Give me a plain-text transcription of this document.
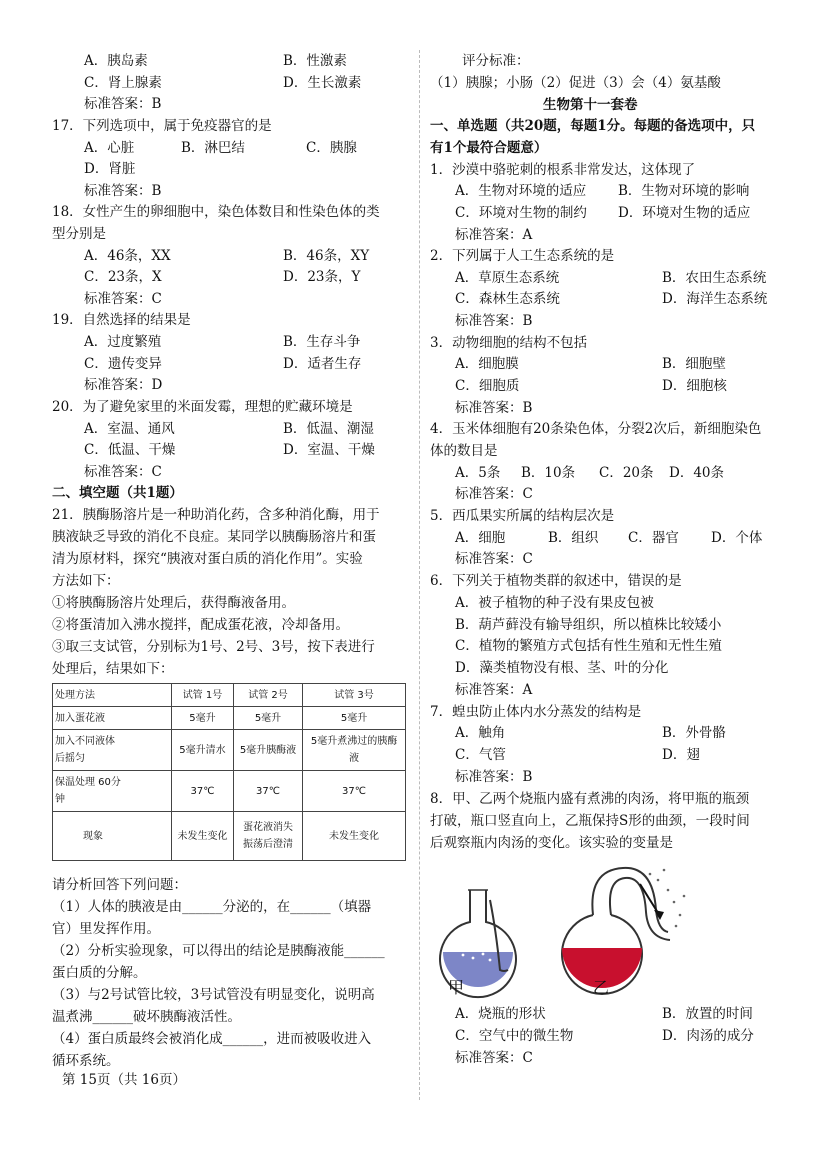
A．胰岛素	B．性激素
C．肾上腺素	D．生长激素
标准答案：B
17．下列选项中，属于免疫器官的是
A．心脏	B．淋巴结	C．胰腺
D．肾脏
标准答案：B
18．女性产生的卵细胞中，染色体数目和性染色体的类
型分别是
A．46条，XX	B．46条，XY
C．23条，X	D．23条，Y
标准答案：C
19．自然选择的结果是
A．过度繁殖	B．生存斗争
C．遗传变异	D．适者生存
标准答案：D
20．为了避免家里的米面发霉，理想的贮藏环境是
A．室温、通风	B．低温、潮湿
C．低温、干燥	D．室温、干燥
标准答案：C
二、填空题（共1题）
21．胰酶肠溶片是一种助消化药，含多种消化酶，用于
胰液缺乏导致的消化不良症。某同学以胰酶肠溶片和蛋
清为原材料，探究“胰液对蛋白质的消化作用”。实验
方法如下：
①将胰酶肠溶片处理后，获得酶液备用。
②将蛋清加入沸水搅拌，配成蛋花液，冷却备用。
③取三支试管，分别标为1号、2号、3号，按下表进行
处理后，结果如下：
处理方法	试管 1号	试管 2号	试管 3号
加入蛋花液	5毫升	5毫升	5毫升
加入不同液体
后摇匀	5毫升清水	5毫升胰酶液	5毫升煮沸过的胰酶
液
保温处理 60分
钟	37℃	37℃	37℃
现象	未发生变化	蛋花液消失
振荡后澄清	未发生变化
请分析回答下列问题：
（1）人体的胰液是由______分泌的，在______（填器
官）里发挥作用。
（2）分析实验现象，可以得出的结论是胰酶液能______
蛋白质的分解。
（3）与2号试管比较，3号试管没有明显变化，说明高
温煮沸______破坏胰酶液活性。
（4）蛋白质最终会被消化成______，进而被吸收进入
循环系统。
第 15页（共 16页）
评分标准：
（1）胰腺；小肠（2）促进（3）会（4）氨基酸
生物第十一套卷
一、单选题（共20题，每题1分。每题的备选项中，只
有1个最符合题意）
1．沙漠中骆驼刺的根系非常发达，这体现了
A．生物对环境的适应 B．生物对环境的影响
C．环境对生物的制约 D．环境对生物的适应
标准答案：A
2．下列属于人工生态系统的是
A．草原生态系统	B．农田生态系统
C．森林生态系统	D．海洋生态系统
标准答案：B
3．动物细胞的结构不包括
A．细胞膜	B．细胞壁
C．细胞质	D．细胞核
标准答案：B
4．玉米体细胞有20条染色体，分裂2次后，新细胞染色
体的数目是
A．5条 B．10条 C．20条 D．40条
标准答案：C
5．西瓜果实所属的结构层次是
A．细胞	B．组织 C．器官 D．个体
标准答案：C
6．下列关于植物类群的叙述中，错误的是
A．被子植物的种子没有果皮包被
B．葫芦藓没有输导组织，所以植株比较矮小
C．植物的繁殖方式包括有性生殖和无性生殖
D．藻类植物没有根、茎、叶的分化
标准答案：A
7．蝗虫防止体内水分蒸发的结构是
A．触角	B．外骨骼
C．气管	D．翅
标准答案：B
8．甲、乙两个烧瓶内盛有煮沸的肉汤，将甲瓶的瓶颈
打破，瓶口竖直向上，乙瓶保持S形的曲颈，一段时间
后观察瓶内肉汤的变化。该实验的变量是
甲	乙
A．烧瓶的形状	B．放置的时间
C．空气中的微生物	D．肉汤的成分
标准答案：C
